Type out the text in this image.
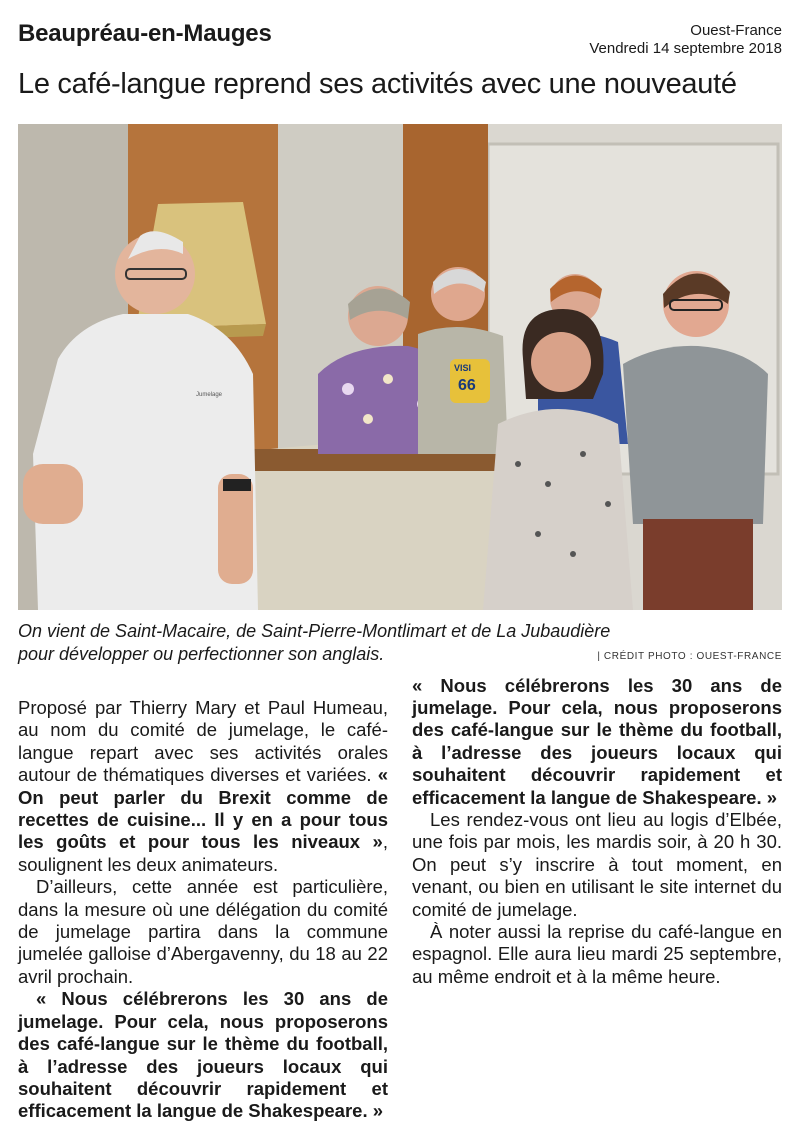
Beaupréau-en-Mauges	Ouest-France
Vendredi 14 septembre 2018
Le café-langue reprend ses activités avec une nouveauté
Jumelage
VISI
66
On vient de Saint-Macaire, de Saint-Pierre-Montlimart et de La Jubaudière
pour développer ou perfectionner son anglais.	| CRÉDIT PHOTO : OUEST-FRANCE

Proposé par Thierry Mary et Paul Humeau, au nom du comité de jumelage, le café-langue repart avec ses activités orales autour de thématiques diverses et variées. « On peut parler du Brexit comme de recettes de cuisine... Il y en a pour tous les goûts et pour tous les niveaux », soulignent les deux animateurs.

D’ailleurs, cette année est particulière, dans la mesure où une délégation du comité de jumelage partira dans la commune jumelée galloise d’Abergavenny, du 18 au 22 avril prochain.

« Nous célébrerons les 30 ans de jumelage. Pour cela, nous proposerons des café-langue sur le thème du football, à l’adresse des joueurs locaux qui souhaitent découvrir rapidement et efficacement la langue de Shakespeare. »

« Nous célébrerons les 30 ans de jumelage. Pour cela, nous proposerons des café-langue sur le thème du football, à l’adresse des joueurs locaux qui souhaitent découvrir rapidement et efficacement la langue de Shakespeare. »

Les rendez-vous ont lieu au logis d’Elbée, une fois par mois, les mardis soir, à 20 h 30. On peut s’y inscrire à tout moment, en venant, ou bien en utilisant le site internet du comité de jumelage.

À noter aussi la reprise du café-langue en espagnol. Elle aura lieu mardi 25 septembre, au même endroit et à la même heure.
